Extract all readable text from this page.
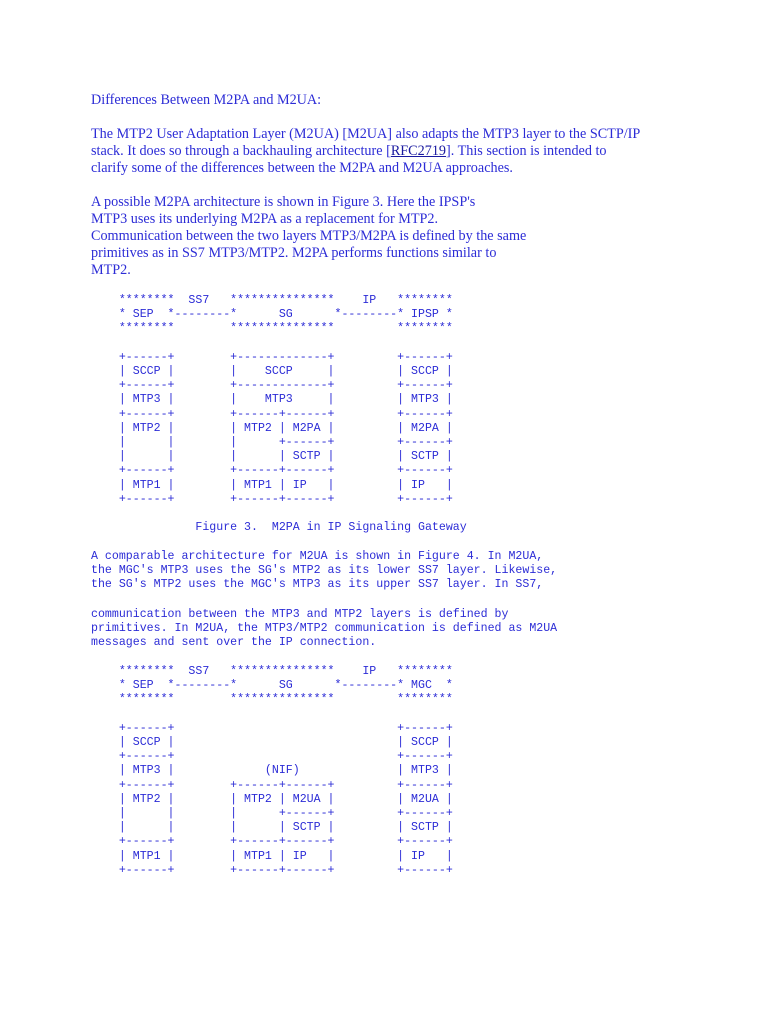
Differences Between M2PA and M2UA:

The MTP2 User Adaptation Layer (M2UA) [M2UA] also adapts the MTP3 layer to the SCTP/IP
stack. It does so through a backhauling architecture [RFC2719]. This section is intended to
clarify some of the differences between the M2PA and M2UA approaches.

A possible M2PA architecture is shown in Figure 3. Here the IPSP's
MTP3 uses its underlying M2PA as a replacement for MTP2.
Communication between the two layers MTP3/M2PA is defined by the same
primitives as in SS7 MTP3/MTP2. M2PA performs functions similar to
MTP2.

********  SS7   ***************    IP   ********
* SEP  *--------*      SG      *--------* IPSP *
********        ***************         ********

+------+        +-------------+         +------+
| SCCP |        |    SCCP     |         | SCCP |
+------+        +-------------+         +------+
| MTP3 |        |    MTP3     |         | MTP3 |
+------+        +------+------+         +------+
| MTP2 |        | MTP2 | M2PA |         | M2PA |
|      |        |      +------+         +------+
|      |        |      | SCTP |         | SCTP |
+------+        +------+------+         +------+
| MTP1 |        | MTP1 | IP   |         | IP   |
+------+        +------+------+         +------+
Figure 3.  M2PA in IP Signaling Gateway
A comparable architecture for M2UA is shown in Figure 4. In M2UA,
the MGC's MTP3 uses the SG's MTP2 as its lower SS7 layer. Likewise,
the SG's MTP2 uses the MGC's MTP3 as its upper SS7 layer. In SS7,
communication between the MTP3 and MTP2 layers is defined by
primitives. In M2UA, the MTP3/MTP2 communication is defined as M2UA
messages and sent over the IP connection.
********  SS7   ***************    IP   ********
* SEP  *--------*      SG      *--------* MGC  *
********        ***************         ********

+------+                                +------+
| SCCP |                                | SCCP |
+------+                                +------+
| MTP3 |             (NIF)              | MTP3 |
+------+        +------+------+         +------+
| MTP2 |        | MTP2 | M2UA |         | M2UA |
|      |        |      +------+         +------+
|      |        |      | SCTP |         | SCTP |
+------+        +------+------+         +------+
| MTP1 |        | MTP1 | IP   |         | IP   |
+------+        +------+------+         +------+
